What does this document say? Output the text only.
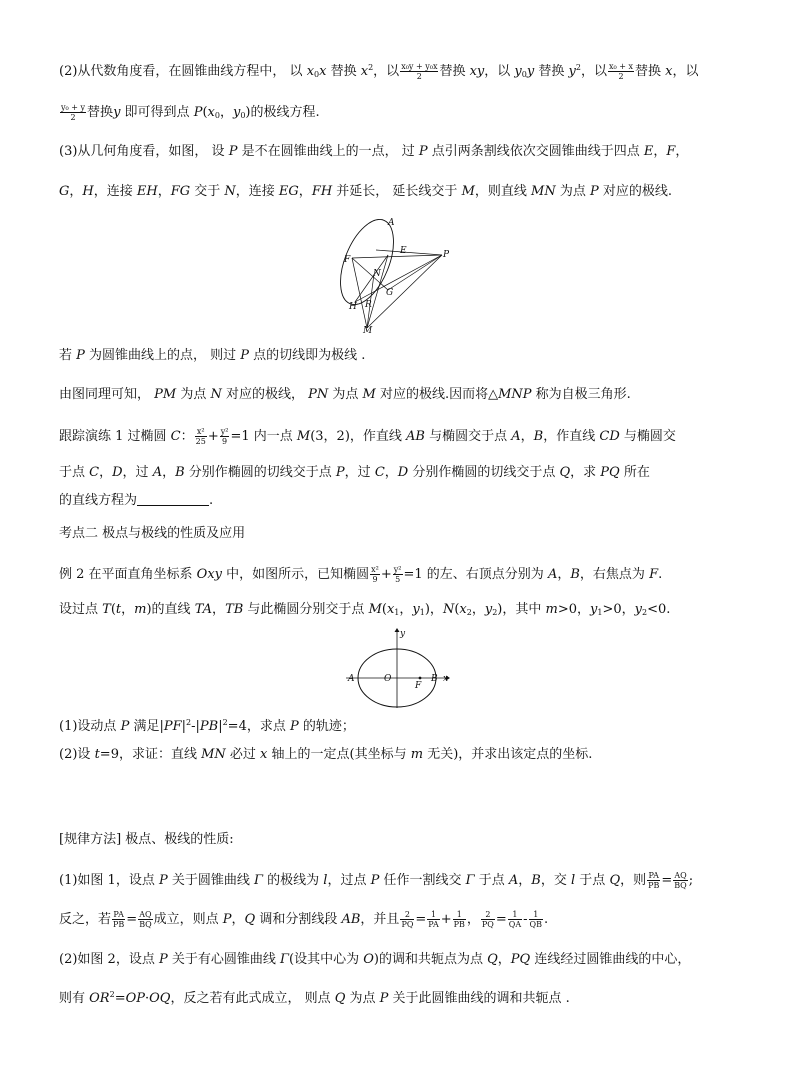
(2)从代数角度看，在圆锥曲线方程中， 以 $x_0x$ 替换 $x^2$，以 $\frac{\text{x₀y + y₀x}}{2}$ 替换 xy，以 $y_0y$ 替换 $y^2$，以 $\frac{\text{x₀ + x}}{2}$ 替换 x，以
$\frac{\text{y₀ + y}}{2}$ 替换y 即可得到点 $P(x_0$，$y_0$)的极线方程.
(3)从几何角度看，如图， 设 P 是不在圆锥曲线上的一点， 过 P 点引两条割线依次交圆锥曲线于四点 E，F，
G，H，连接 EH，FG 交于 N，连接 EG，FH 并延长， 延长线交于 M，则直线 MN 为点 P 对应的极线.
A
E	P
F
N
G
H R
M
若 P 为圆锥曲线上的点， 则过 P 点的切线即为极线 .
由图同理可知， PM 为点 N 对应的极线， PN 为点 M 对应的极线.因而将△MNP 称为自极三角形.
跟踪演练 1 过椭圆 C： $\frac{\text{x²}}{25} + \frac{\text{y²}}{9} =1$ 内一点 M(3，2)，作直线 AB 与椭圆交于点 A，B，作直线 CD 与椭圆交
于点 C，D，过 A，B 分别作椭圆的切线交于点 P，过 C，D 分别作椭圆的切线交于点 Q，求 PQ 所在
的直线方程为	.
考点二 极点与极线的性质及应用
例 2 在平面直角坐标系 Oxy 中，如图所示，已知椭圆 $\frac{\text{x²}}{9} + \frac{\text{y²}}{5} =1$ 的左、右顶点分别为 A，B，右焦点为 F.
设过点 T(t，m)的直线 TA，TB 与此椭圆分别交于点 $M(x_1$，$y_1$)，$N(x_2$，$y_2$)，其中 m>0，$y_1>0$，$y_2<0$.
y
A	O
F
B x
(1)设动点 P 满足$|PF|^2-|PB|^2=4$，求点 P 的轨迹；
(2)设 t=9，求证：直线 MN 必过 x 轴上的一定点(其坐标与 m 无关)，并求出该定点的坐标.
[规律方法] 极点、极线的性质:
(1)如图 1，设点 P 关于圆锥曲线 Γ 的极线为 l，过点 P 任作一割线交 Γ 于点 A，B，交 l 于点 Q，则 $\frac{PA}{PB} = \frac{AQ}{BQ}$ ;
反之，若 $\frac{PA}{PB} = \frac{AQ}{BQ}$ 成立，则点 P，Q 调和分割线段 AB，并且 $\frac{2}{PQ} = \frac{1}{PA} + \frac{1}{PB}$ ， $\frac{2}{PQ} = \frac{1}{QA} - \frac{1}{QB}$ .
(2)如图 2，设点 P 关于有心圆锥曲线 Γ(设其中心为 O)的调和共轭点为点 Q，PQ 连线经过圆锥曲线的中心，
则有 $OR^2=OP\cdot OQ$，反之若有此式成立， 则点 Q 为点 P 关于此圆锥曲线的调和共轭点 .
